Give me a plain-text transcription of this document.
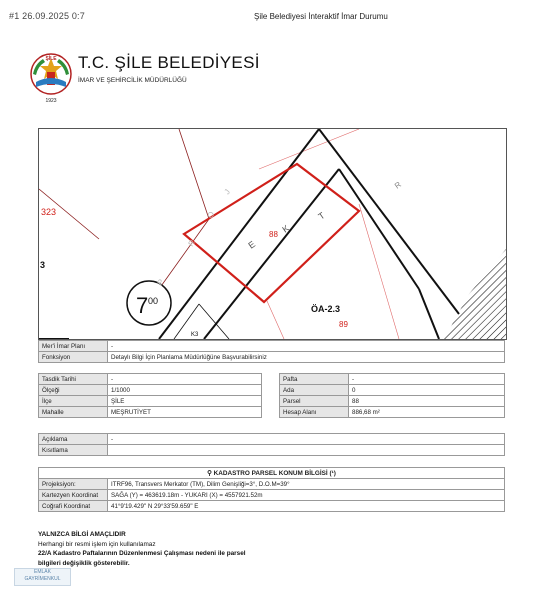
#1 26.09.2025 0:7	Şile Belediyesi İnteraktif İmar Durumu
ŞİLE
1923
T.C. ŞİLE BELEDİYESİ
İMAR VE ŞEHİRCİLİK MÜDÜRLÜĞÜ
7 00
P
R
O
J
E
K
T
R
323
3
88
89
ÖA-2.3
K3
Mer'i İmar Planı	-
Fonksiyon	Detaylı Bilgi İçin Planlama Müdürlüğüne Başvurabilirsiniz
Tasdik Tarihi	-
Ölçeği	1/1000
İlçe	ŞİLE
Mahalle	MEŞRUTİYET
Pafta	-
Ada	0
Parsel	88
Hesap Alanı	886,68 m²
Açıklama	-
Kısıtlama	
⚲ KADASTRO PARSEL KONUM BİLGİSİ (¹)	
Projeksiyon:	ITRF96, Transvers Merkator (TM), Dilim Genişliği=3°, D.O.M=39°
Kartezyen Koordinat	SAĞA (Y) = 463619.18m - YUKARI (X) = 4557921.52m
Coğrafi Koordinat	41°9'19.429" N 29°33'59.659" E
YALNIZCA BİLGİ AMAÇLIDIR
Herhangi bir resmi işlem için kullanılamaz
22/A Kadastro Paftalarının Düzenlenmesi Çalışması nedeni ile parsel
bilgileri değişiklik gösterebilir.
EMLAK
GAYRİMENKUL
